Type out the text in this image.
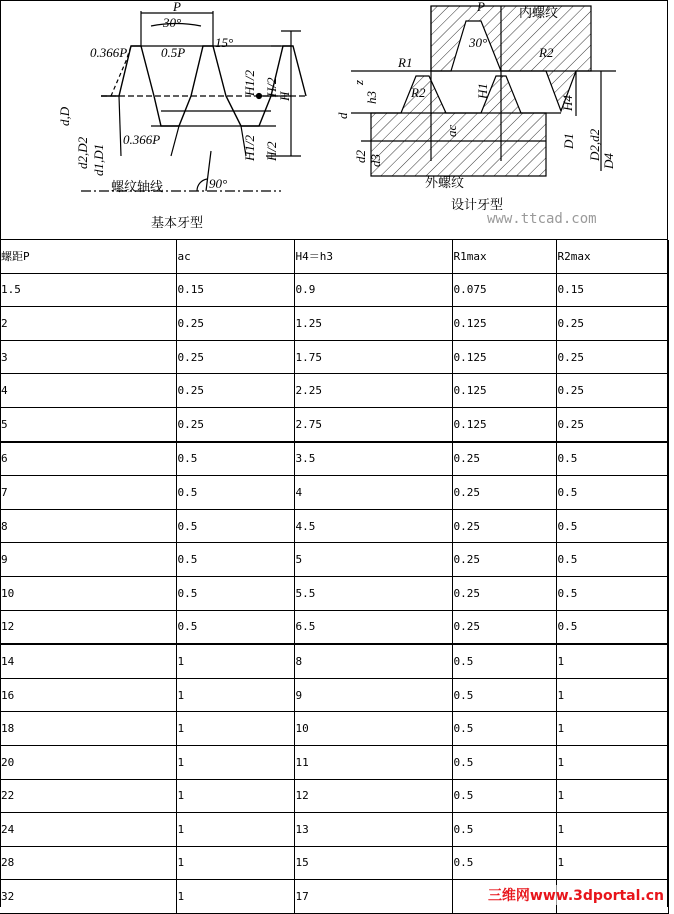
P
30°
15°
0.366P	0.5P
0.366P
90°
H1/2 H/2
H
H/2
H1/2
d,D
d2,D2 d1,D1
螺纹轴线
基本牙型
P	内螺纹
30°
R2
R1
R2
z
h3	H1
ac
H4
d
d2 d3
D1 D2,d2
D4
外螺纹
设计牙型
www.ttcad.com
螺距P	ac	H4＝h3	R1max	R2max
1.5	0.15	0.9	0.075	0.15
2	0.25	1.25	0.125	0.25
3	0.25	1.75	0.125	0.25
4	0.25	2.25	0.125	0.25
5	0.25	2.75	0.125	0.25
6	0.5	3.5	0.25	0.5
7	0.5	4	0.25	0.5
8	0.5	4.5	0.25	0.5
9	0.5	5	0.25	0.5
10	0.5	5.5	0.25	0.5
12	0.5	6.5	0.25	0.5
14	1	8	0.5	1
16	1	9	0.5	1
18	1	10	0.5	1
20	1	11	0.5	1
22	1	12	0.5	1
24	1	13	0.5	1
28	1	15	0.5	1
32	1	17			三维网www.3dportal.cn
